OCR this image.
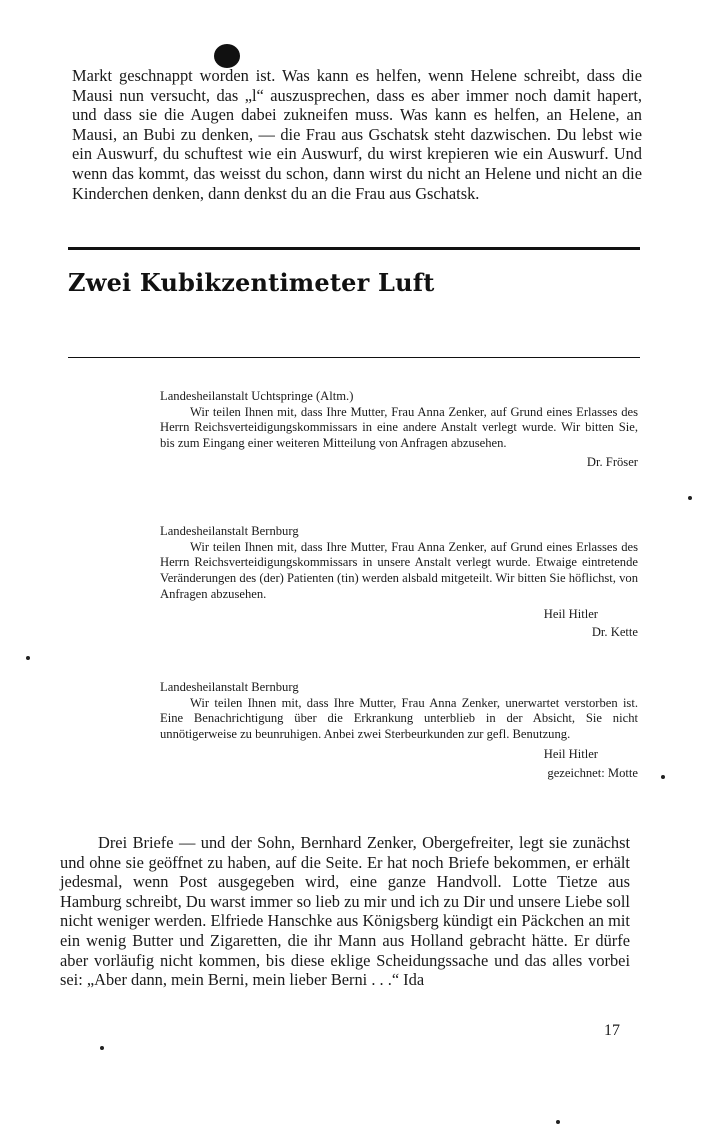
Markt geschnappt worden ist. Was kann es helfen, wenn Helene schreibt, dass die Mausi nun versucht, das „l“ auszusprechen, dass es aber immer noch damit hapert, und dass sie die Augen dabei zukneifen muss. Was kann es helfen, an Helene, an Mausi, an Bubi zu denken, — die Frau aus Gschatsk steht dazwischen. Du lebst wie ein Auswurf, du schuftest wie ein Auswurf, du wirst krepieren wie ein Auswurf. Und wenn das kommt, das weisst du schon, dann wirst du nicht an Helene und nicht an die Kinderchen denken, dann denkst du an die Frau aus Gschatsk.

Zwei Kubikzentimeter Luft
Landesheilanstalt Uchtspringe (Altm.)
Wir teilen Ihnen mit, dass Ihre Mutter, Frau Anna Zenker, auf Grund eines Erlasses des Herrn Reichsverteidigungskommissars in eine andere Anstalt verlegt wurde. Wir bitten Sie, bis zum Eingang einer weiteren Mitteilung von Anfragen abzusehen.
Dr. Fröser
Landesheilanstalt Bernburg
Wir teilen Ihnen mit, dass Ihre Mutter, Frau Anna Zenker, auf Grund eines Erlasses des Herrn Reichsverteidigungskommissars in unsere Anstalt verlegt wurde. Etwaige eintretende Veränderungen des (der) Patienten (tin) werden alsbald mitgeteilt. Wir bitten Sie höflichst, von Anfragen abzusehen.
Heil Hitler
Dr. Kette
Landesheilanstalt Bernburg
Wir teilen Ihnen mit, dass Ihre Mutter, Frau Anna Zenker, unerwartet verstorben ist. Eine Benachrichtigung über die Erkrankung unterblieb in der Absicht, Sie nicht unnötigerweise zu beunruhigen. Anbei zwei Sterbeurkunden zur gefl. Benutzung.
Heil Hitler
gezeichnet: Motte

Drei Briefe — und der Sohn, Bernhard Zenker, Obergefreiter, legt sie zunächst und ohne sie geöffnet zu haben, auf die Seite. Er hat noch Briefe bekommen, er erhält jedesmal, wenn Post ausgegeben wird, eine ganze Handvoll. Lotte Tietze aus Hamburg schreibt, Du warst immer so lieb zu mir und ich zu Dir und unsere Liebe soll nicht weniger werden. Elfriede Hanschke aus Königsberg kündigt ein Päckchen an mit ein wenig Butter und Zigaretten, die ihr Mann aus Holland gebracht hätte. Er dürfe aber vorläufig nicht kommen, bis diese eklige Scheidungssache und das alles vorbei sei: „Aber dann, mein Berni, mein lieber Berni . . .“ Ida

17
